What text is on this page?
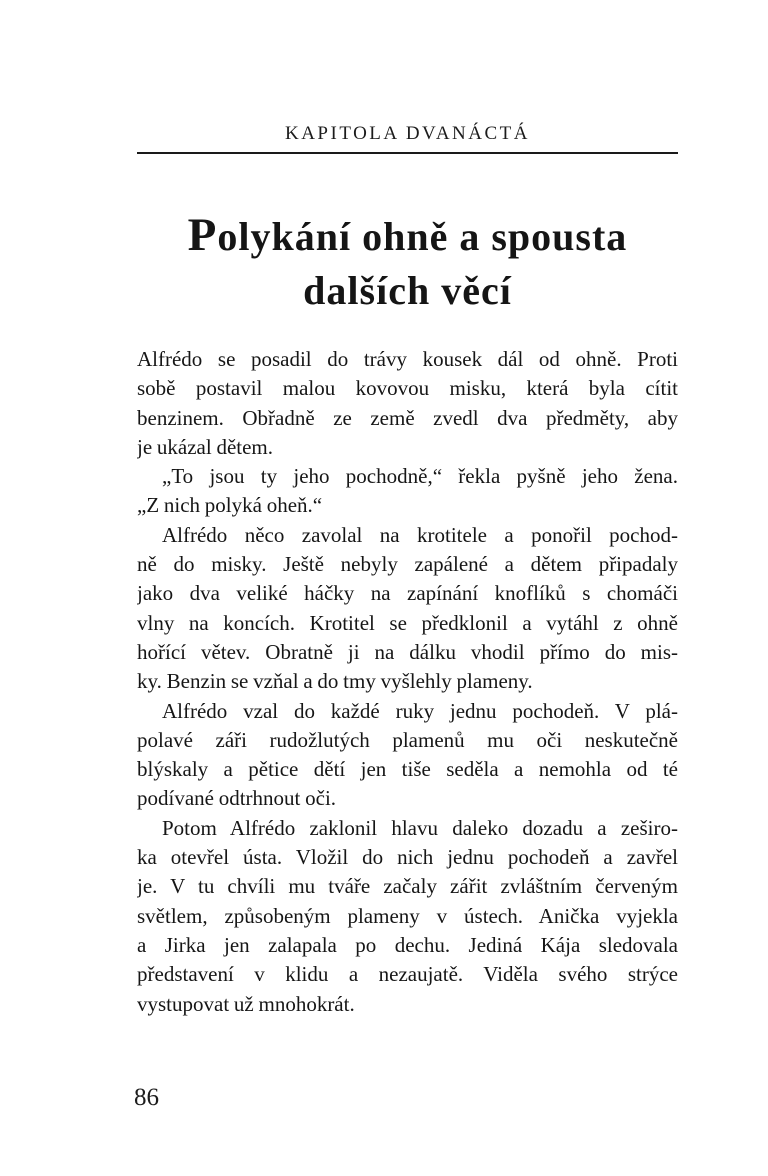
KAPITOLA DVANÁCTÁ
Polykání ohně a spousta
dalších věcí
Alfrédo se posadil do trávy kousek dál od ohně. Proti
sobě postavil malou kovovou misku, která byla cítit
benzinem. Obřadně ze země zvedl dva předměty, aby
je ukázal dětem.
„To jsou ty jeho pochodně,“ řekla pyšně jeho žena.
„Z nich polyká oheň.“
Alfrédo něco zavolal na krotitele a ponořil pochod-
ně do misky. Ještě nebyly zapálené a dětem připadaly
jako dva veliké háčky na zapínání knoflíků s chomáči
vlny na koncích. Krotitel se předklonil a vytáhl z ohně
hořící větev. Obratně ji na dálku vhodil přímo do mis-
ky. Benzin se vzňal a do tmy vyšlehly plameny.
Alfrédo vzal do každé ruky jednu pochodeň. V plá-
polavé záři rudožlutých plamenů mu oči neskutečně
blýskaly a pětice dětí jen tiše seděla a nemohla od té
podívané odtrhnout oči.
Potom Alfrédo zaklonil hlavu daleko dozadu a zeširo-
ka otevřel ústa. Vložil do nich jednu pochodeň a zavřel
je. V tu chvíli mu tváře začaly zářit zvláštním červeným
světlem, způsobeným plameny v ústech. Anička vyjekla
a Jirka jen zalapala po dechu. Jediná Kája sledovala
představení v klidu a nezaujatě. Viděla svého strýce
vystupovat už mnohokrát.
86
